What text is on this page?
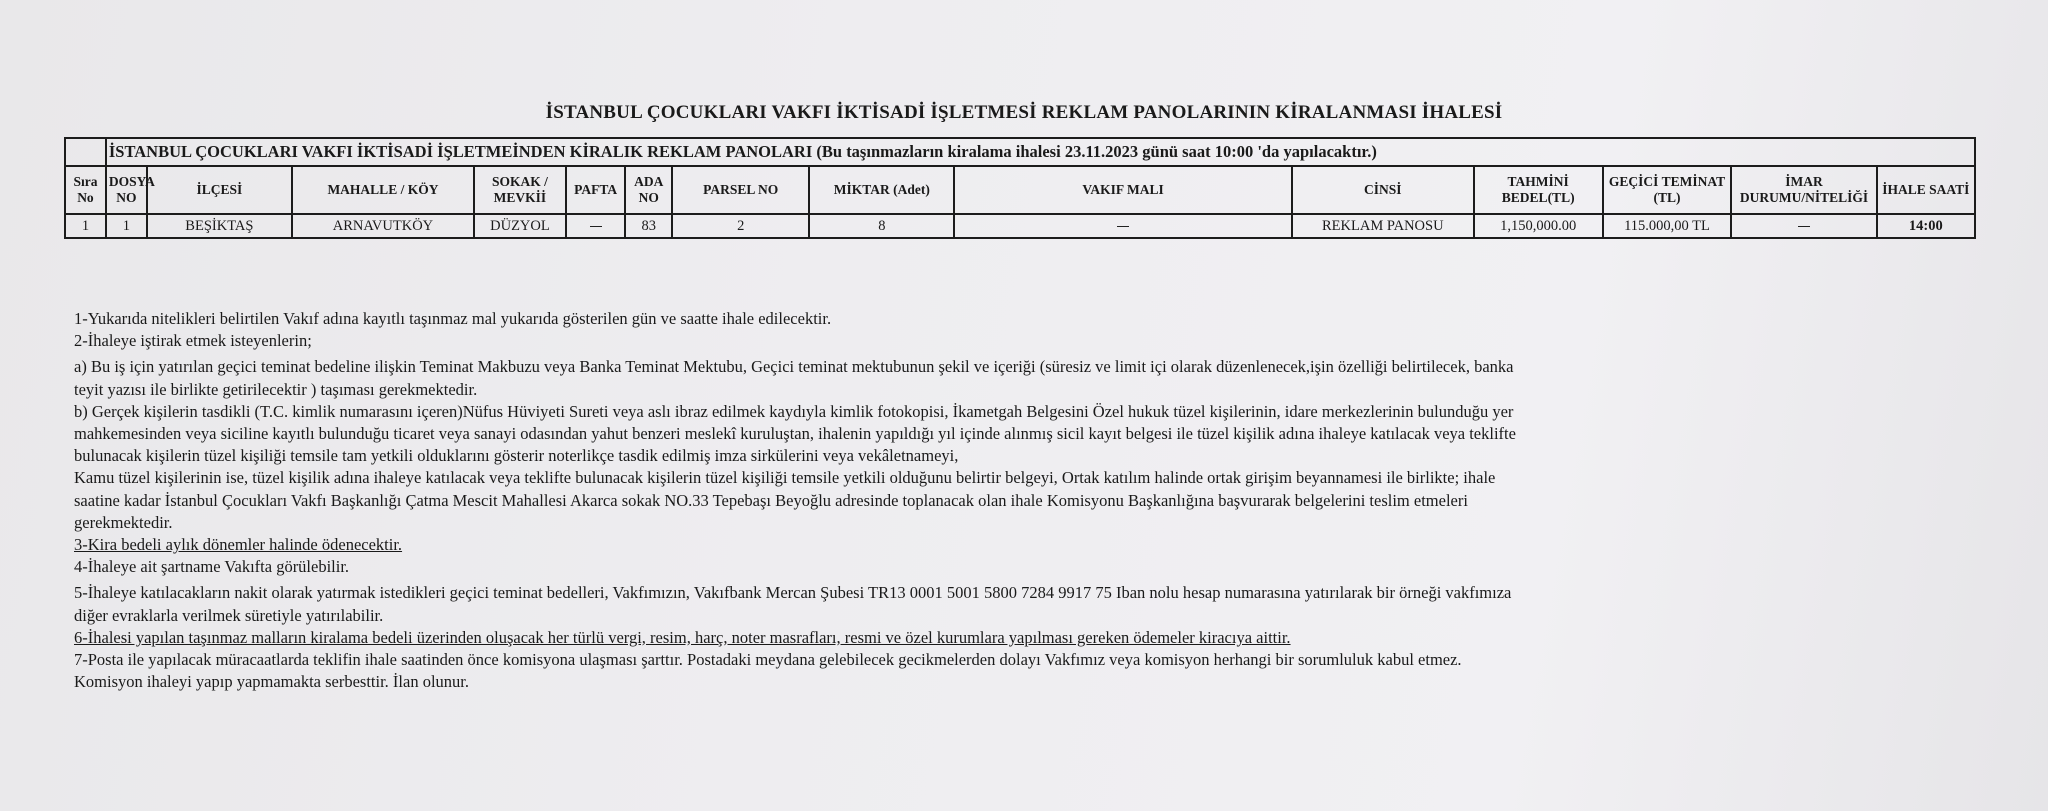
İSTANBUL ÇOCUKLARI VAKFI İKTİSADİ İŞLETMESİ REKLAM PANOLARININ KİRALANMASI İHALESİ
	İSTANBUL ÇOCUKLARI VAKFI İKTİSADİ İŞLETMEİNDEN KİRALIK REKLAM PANOLARI (Bu taşınmazların kiralama ihalesi 23.11.2023 günü saat 10:00 'da yapılacaktır.)													
Sıra No	DOSYA NO	İLÇESİ	MAHALLE / KÖY	SOKAK / MEVKİİ	PAFTA	ADA NO	PARSEL NO	MİKTAR (Adet)	VAKIF MALI	CİNSİ	TAHMİNİ BEDEL(TL)	GEÇİCİ TEMİNAT (TL)	İMAR DURUMU/NİTELİĞİ	İHALE SAATİ
1	1	BEŞİKTAŞ	ARNAVUTKÖY	DÜZYOL		83	2	8		REKLAM PANOSU	1,150,000.00	115.000,00 TL		14:00

1-Yukarıda nitelikleri belirtilen Vakıf adına kayıtlı taşınmaz mal yukarıda gösterilen gün ve saatte ihale edilecektir.

2-İhaleye iştirak etmek isteyenlerin;

a) Bu iş için yatırılan geçici teminat bedeline ilişkin Teminat Makbuzu veya Banka Teminat Mektubu, Geçici teminat mektubunun şekil ve içeriği (süresiz ve limit içi olarak düzenlenecek,işin özelliği belirtilecek, banka

teyit yazısı ile birlikte getirilecektir ) taşıması gerekmektedir.

b) Gerçek kişilerin tasdikli (T.C. kimlik numarasını içeren)Nüfus Hüviyeti Sureti veya aslı ibraz edilmek kaydıyla kimlik fotokopisi, İkametgah Belgesini Özel hukuk tüzel kişilerinin, idare merkezlerinin bulunduğu yer

mahkemesinden veya siciline kayıtlı bulunduğu ticaret veya sanayi odasından yahut benzeri meslekî kuruluştan, ihalenin yapıldığı yıl içinde alınmış sicil kayıt belgesi ile tüzel kişilik adına ihaleye katılacak veya teklifte

bulunacak kişilerin tüzel kişiliği temsile tam yetkili olduklarını gösterir noterlikçe tasdik edilmiş imza sirkülerini veya vekâletnameyi,

Kamu tüzel kişilerinin ise, tüzel kişilik adına ihaleye katılacak veya teklifte bulunacak kişilerin tüzel kişiliği temsile yetkili olduğunu belirtir belgeyi, Ortak katılım halinde ortak girişim beyannamesi ile birlikte; ihale

saatine kadar İstanbul Çocukları Vakfı Başkanlığı Çatma Mescit Mahallesi Akarca sokak NO.33 Tepebaşı Beyoğlu adresinde toplanacak olan ihale Komisyonu Başkanlığına başvurarak belgelerini teslim etmeleri

gerekmektedir.

3-Kira bedeli aylık dönemler halinde ödenecektir.

4-İhaleye ait şartname Vakıfta görülebilir.

5-İhaleye katılacakların nakit olarak yatırmak istedikleri geçici teminat bedelleri, Vakfımızın, Vakıfbank Mercan Şubesi TR13 0001 5001 5800 7284 9917 75 Iban nolu hesap numarasına yatırılarak bir örneği vakfımıza

diğer evraklarla verilmek süretiyle yatırılabilir.

6-İhalesi yapılan taşınmaz malların kiralama bedeli üzerinden oluşacak her türlü vergi, resim, harç, noter masrafları, resmi ve özel kurumlara yapılması gereken ödemeler kiracıya aittir.

7-Posta ile yapılacak müracaatlarda teklifin ihale saatinden önce komisyona ulaşması şarttır. Postadaki meydana gelebilecek gecikmelerden dolayı Vakfımız veya komisyon herhangi bir sorumluluk kabul etmez.

Komisyon ihaleyi yapıp yapmamakta serbesttir. İlan olunur.
